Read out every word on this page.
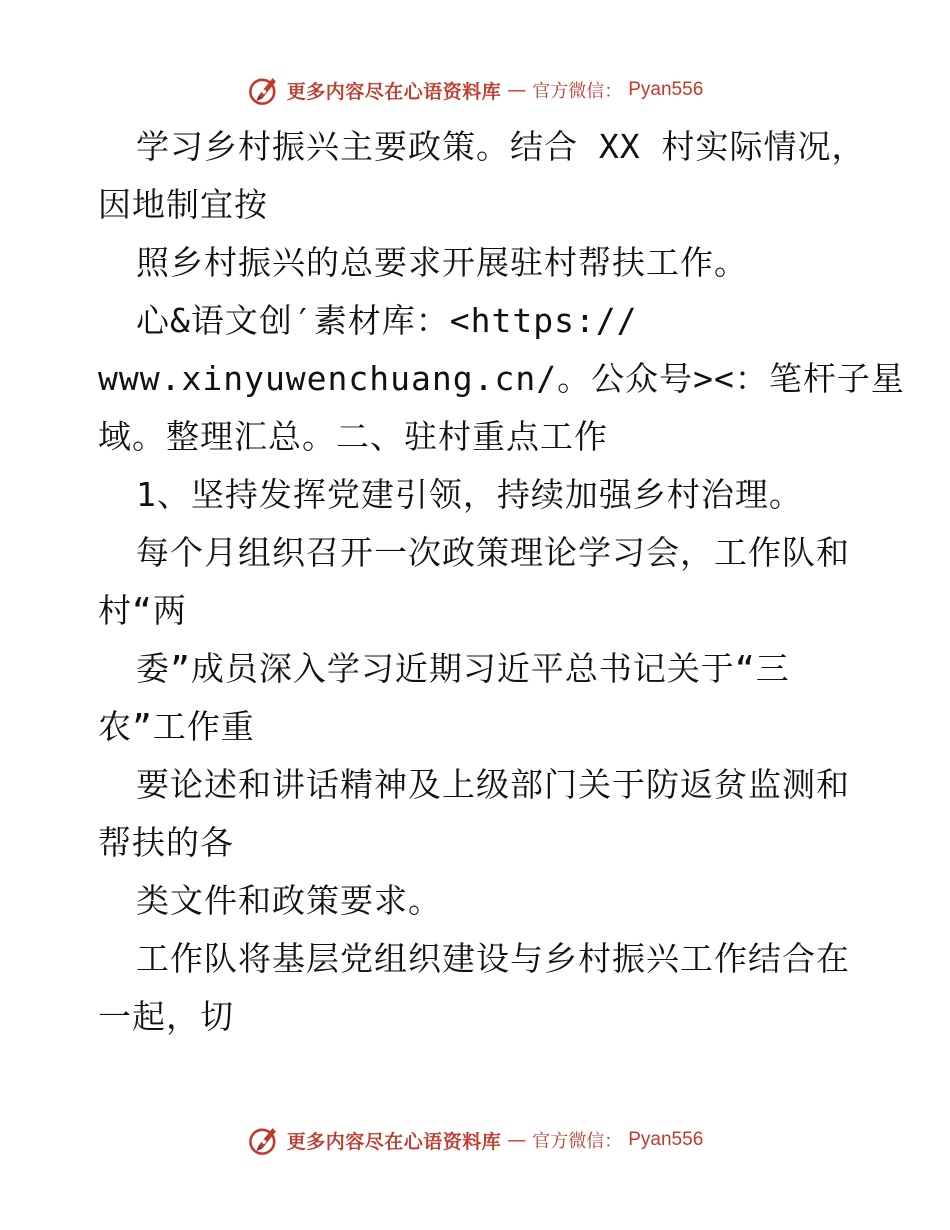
更多内容尽在心语资料库 — 官方微信： Pyan556
学习乡村振兴主要政策。结合 XX 村实际情况，
因地制宜按
照乡村振兴的总要求开展驻村帮扶工作。
心&语文创′素材库：<https://
www.xinyuwenchuang.cn/。公众号><：笔杆子星
域。整理汇总。二、驻村重点工作
1、坚持发挥党建引领，持续加强乡村治理。
每个月组织召开一次政策理论学习会，工作队和
村“两
委”成员深入学习近期习近平总书记关于“三
农”工作重
要论述和讲话精神及上级部门关于防返贫监测和
帮扶的各
类文件和政策要求。
工作队将基层党组织建设与乡村振兴工作结合在
一起，切
更多内容尽在心语资料库 — 官方微信： Pyan556
